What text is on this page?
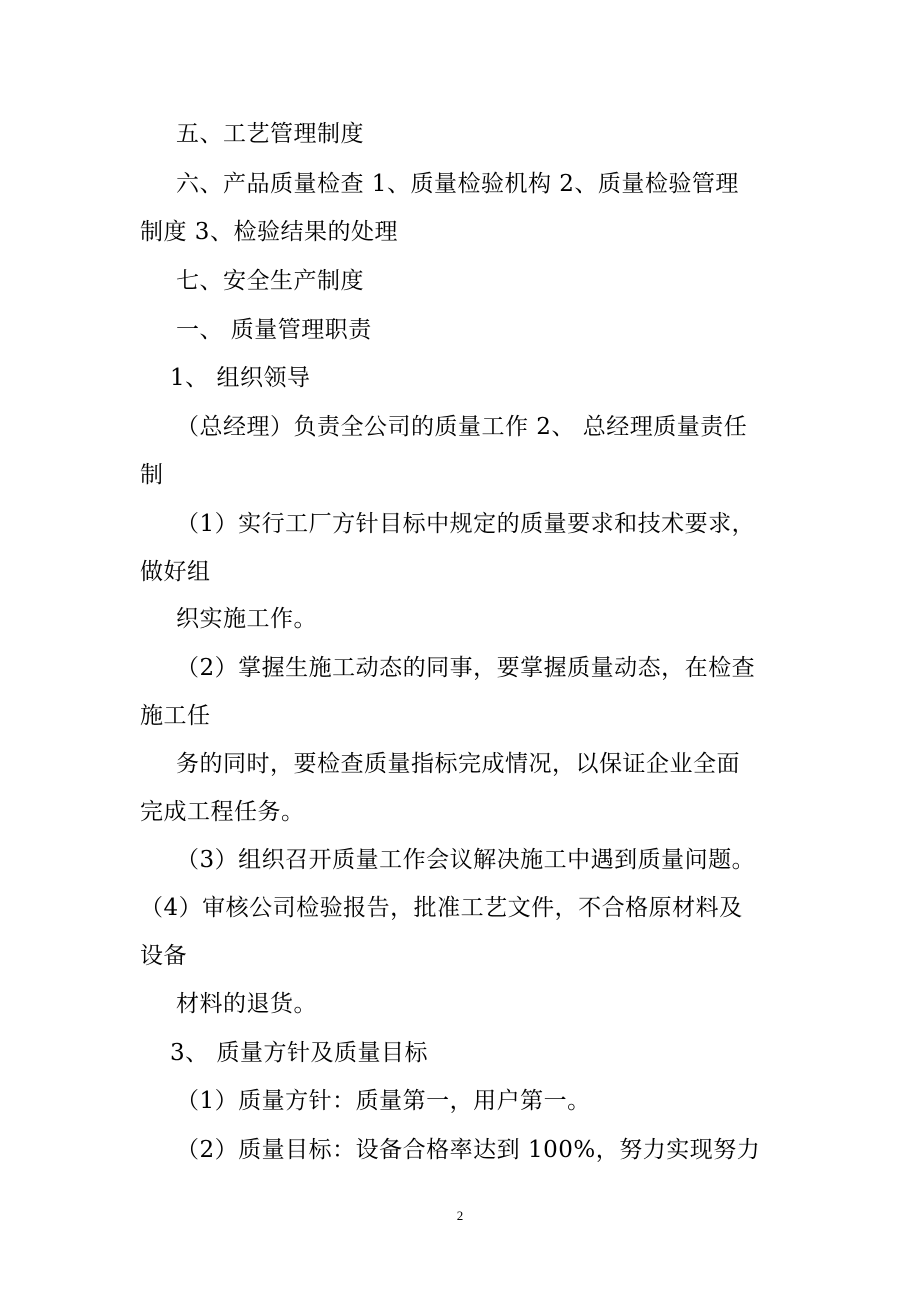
五、工艺管理制度
六、产品质量检查 1、质量检验机构 2、质量检验管理
制度 3、检验结果的处理
七、安全生产制度
一、 质量管理职责
1、 组织领导
（总经理）负责全公司的质量工作 2、 总经理质量责任
制
（1）实行工厂方针目标中规定的质量要求和技术要求，
做好组
织实施工作。
（2）掌握生施工动态的同事，要掌握质量动态，在检查
施工任
务的同时，要检查质量指标完成情况，以保证企业全面
完成工程任务。
（3）组织召开质量工作会议解决施工中遇到质量问题。
（4）审核公司检验报告，批准工艺文件，不合格原材料及
设备
材料的退货。
3、 质量方针及质量目标
（1）质量方针：质量第一，用户第一。
（2）质量目标：设备合格率达到 100%，努力实现努力
2
